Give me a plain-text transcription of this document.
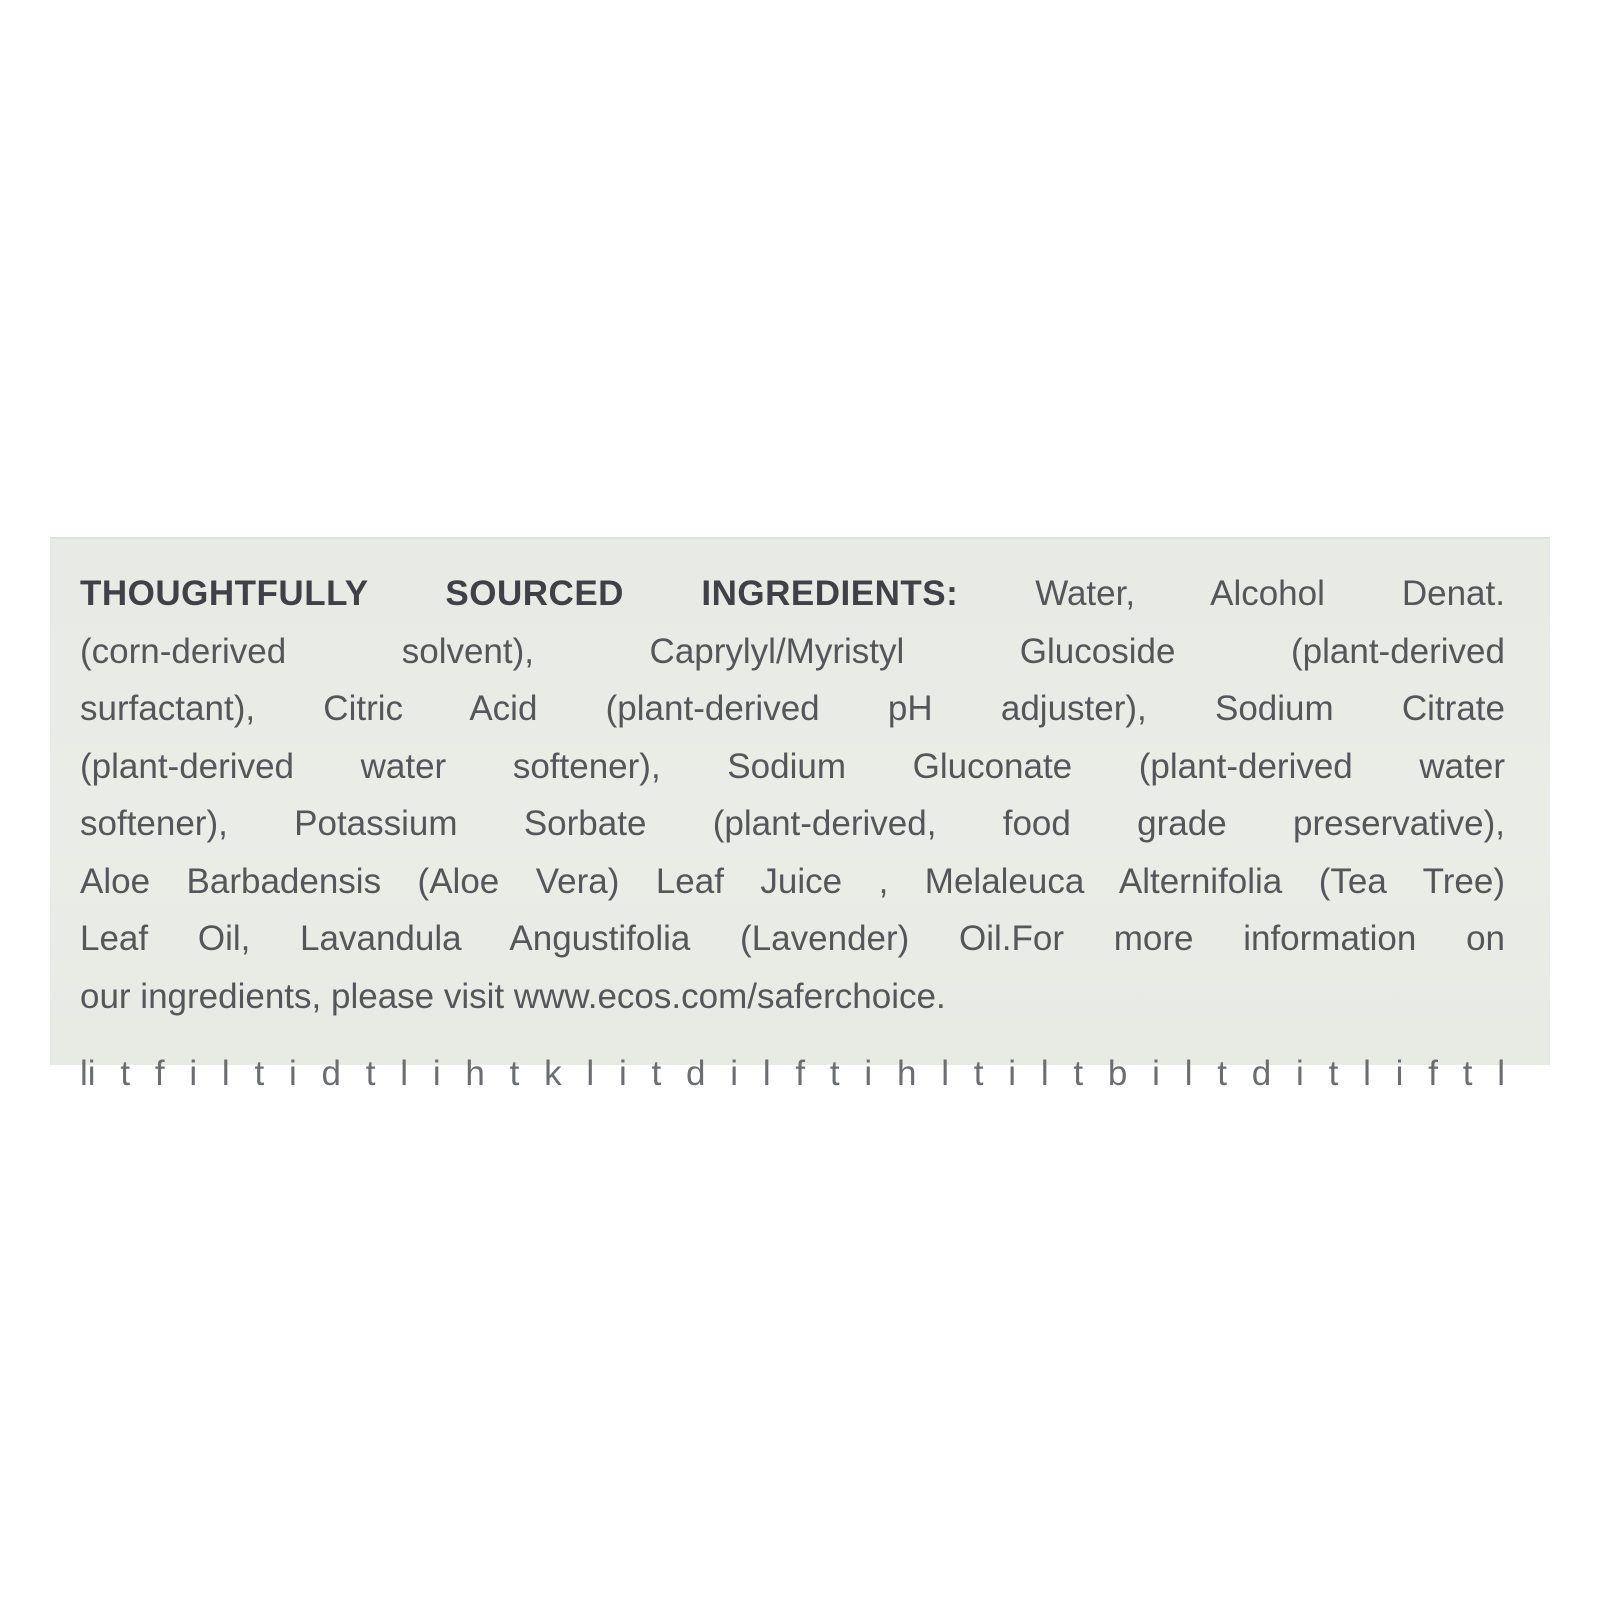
THOUGHTFULLY SOURCED INGREDIENTS: Water, Alcohol Denat.
(corn-derived solvent), Caprylyl/Myristyl Glucoside (plant-derived
surfactant), Citric Acid (plant-derived pH adjuster), Sodium Citrate
(plant-derived water softener), Sodium Gluconate (plant-derived water
softener), Potassium Sorbate (plant-derived, food grade preservative),
Aloe Barbadensis (Aloe Vera) Leaf Juice , Melaleuca Alternifolia (Tea Tree)
Leaf Oil, Lavandula Angustifolia (Lavender) Oil.For more information on
our ingredients, please visit www.ecos.com/saferchoice.
li t f i l t i d t l i h t k l i t d i l f t i h l t i l t b i l t d i t l i f t l
